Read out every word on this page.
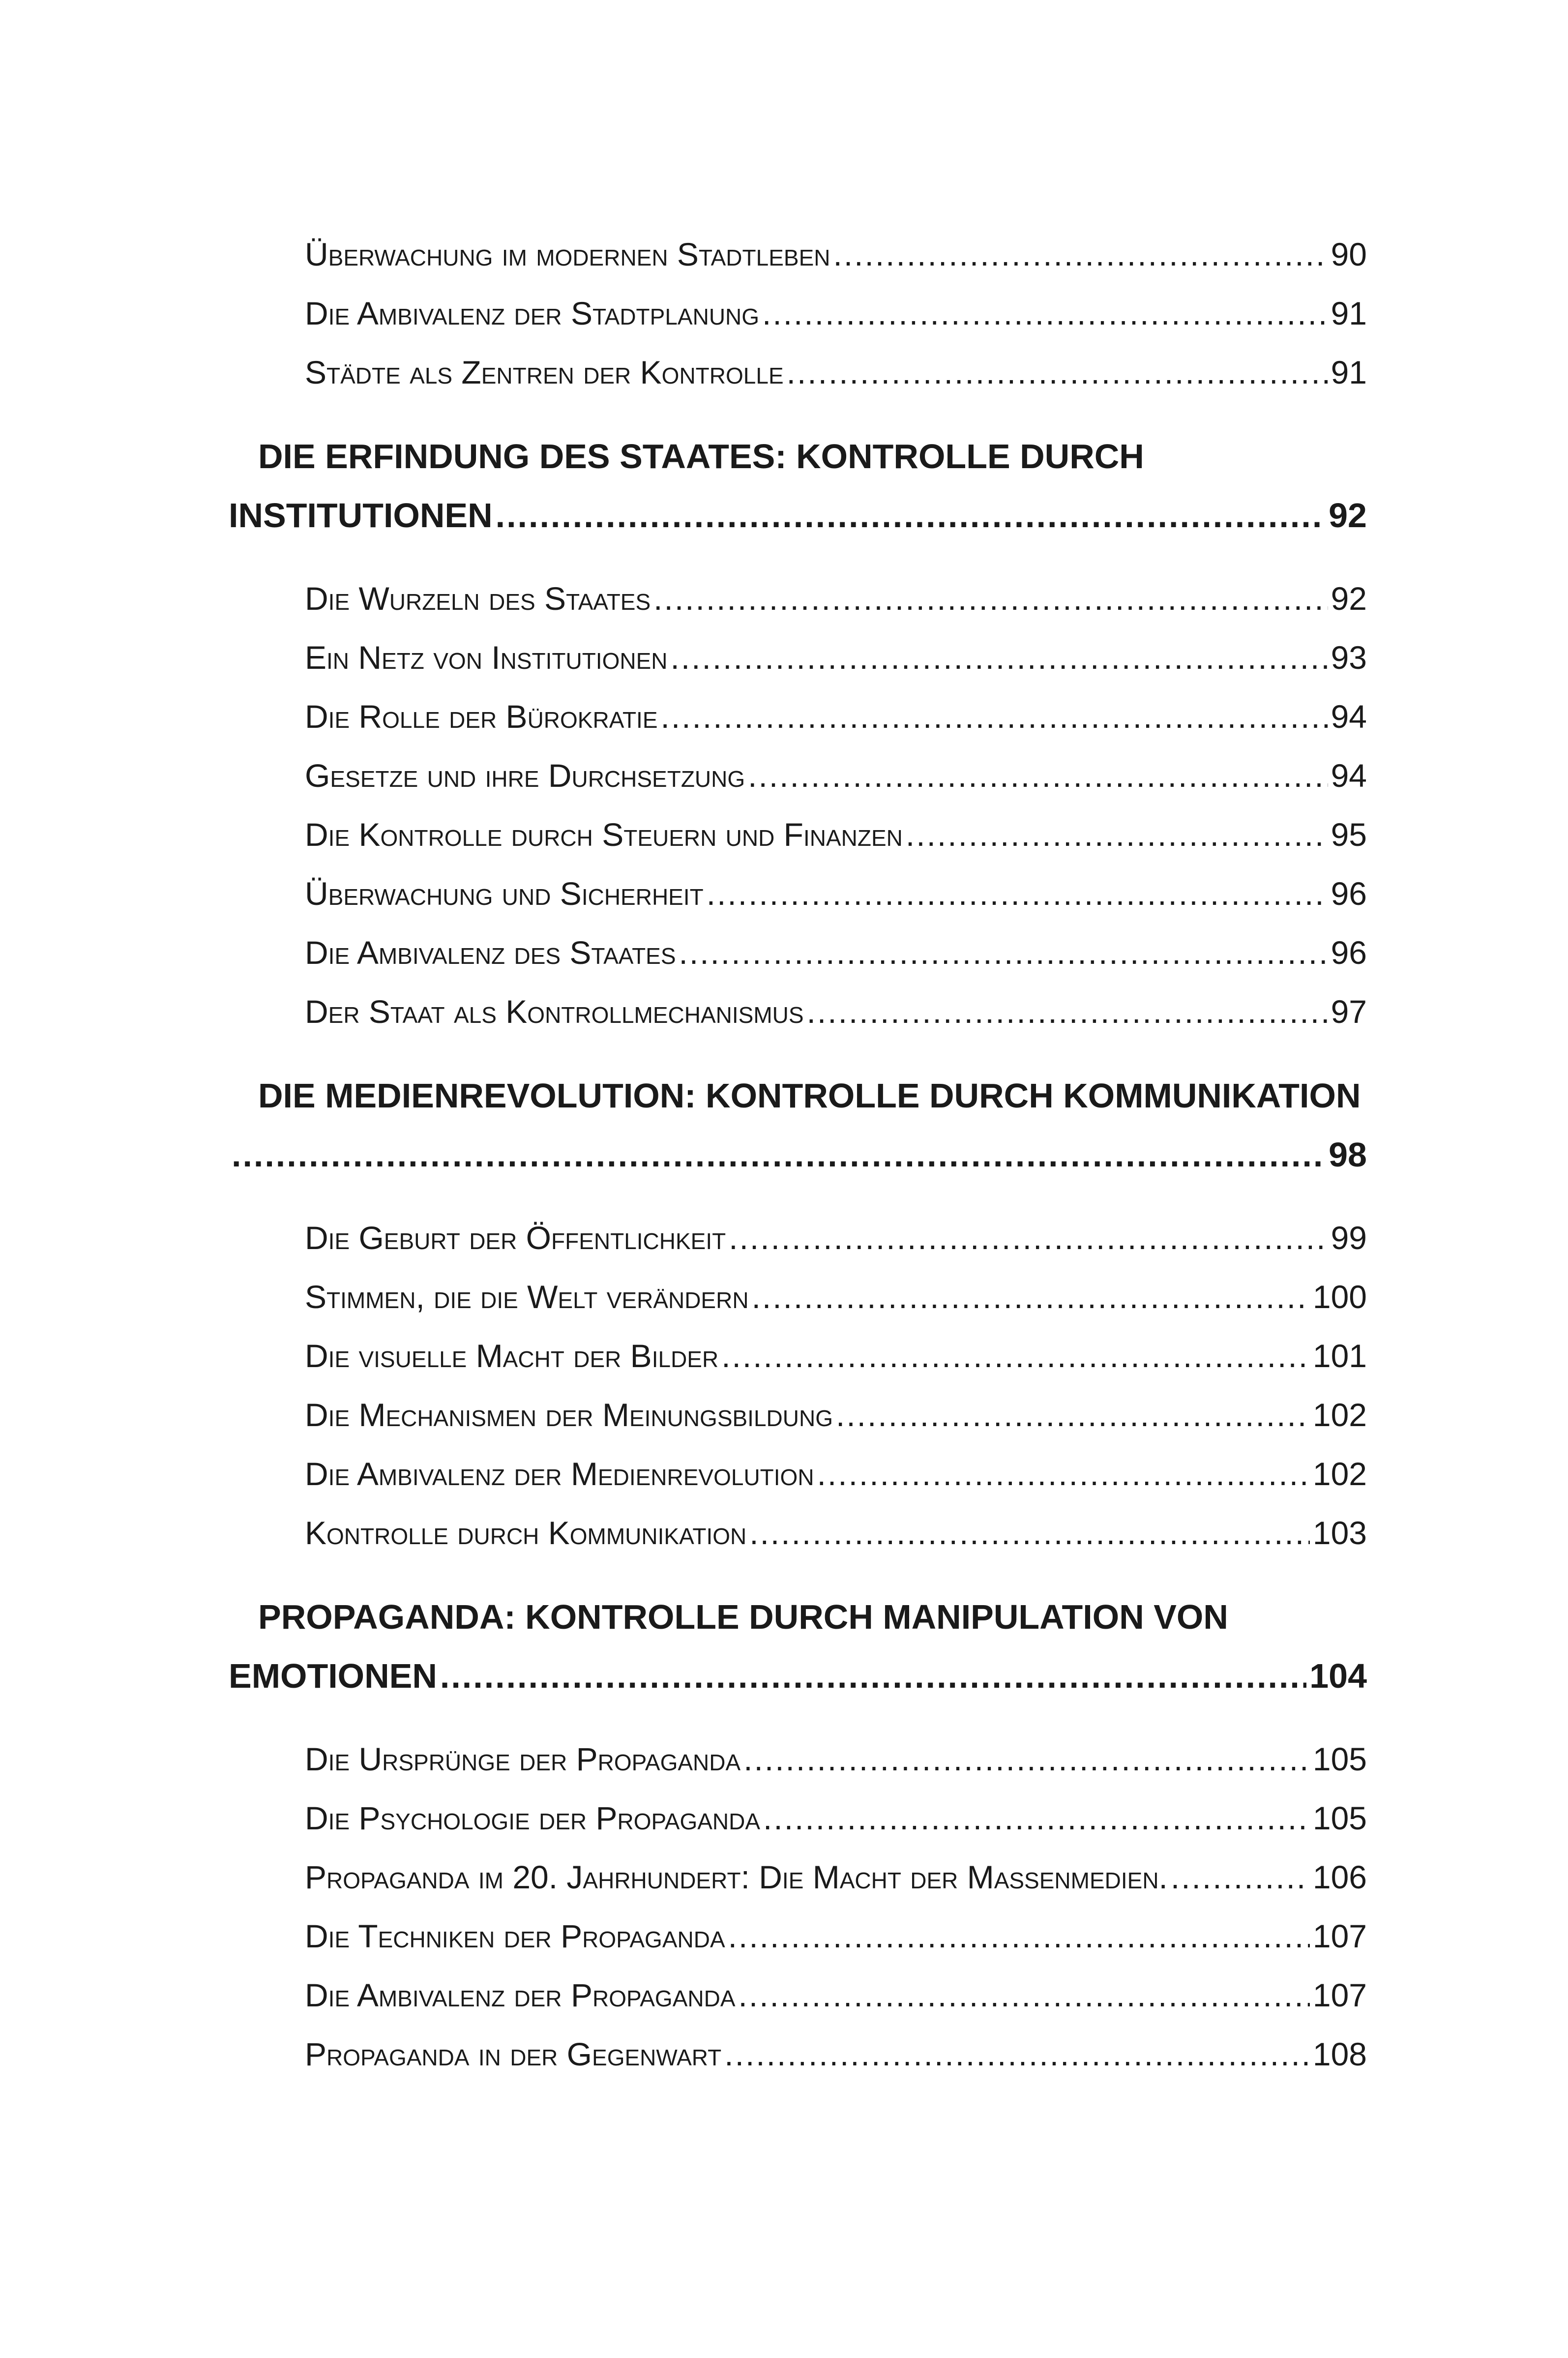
Überwachung im modernen Stadtleben .....	90
Die Ambivalenz der Stadtplanung .....	91
Städte als Zentren der Kontrolle .....	91
DIE ERFINDUNG DES STAATES: KONTROLLE DURCH
INSTITUTIONEN .....	92
Die Wurzeln des Staates .....	92
Ein Netz von Institutionen .....	93
Die Rolle der Bürokratie .....	94
Gesetze und ihre Durchsetzung .....	94
Die Kontrolle durch Steuern und Finanzen .....	95
Überwachung und Sicherheit .....	96
Die Ambivalenz des Staates .....	96
Der Staat als Kontrollmechanismus .....	97
DIE MEDIENREVOLUTION: KONTROLLE DURCH KOMMUNIKATION
.....
98
Die Geburt der Öffentlichkeit .....	99
Stimmen, die die Welt verändern .....	100
Die visuelle Macht der Bilder .....	101
Die Mechanismen der Meinungsbildung .....	102
Die Ambivalenz der Medienrevolution .....	102
Kontrolle durch Kommunikation .....	103
PROPAGANDA: KONTROLLE DURCH MANIPULATION VON
EMOTIONEN .....	104
Die Ursprünge der Propaganda .....	105
Die Psychologie der Propaganda .....	105
Propaganda im 20. Jahrhundert: Die Macht der Massenmedien. .....	106
Die Techniken der Propaganda .....	107
Die Ambivalenz der Propaganda .....	107
Propaganda in der Gegenwart .....	108
